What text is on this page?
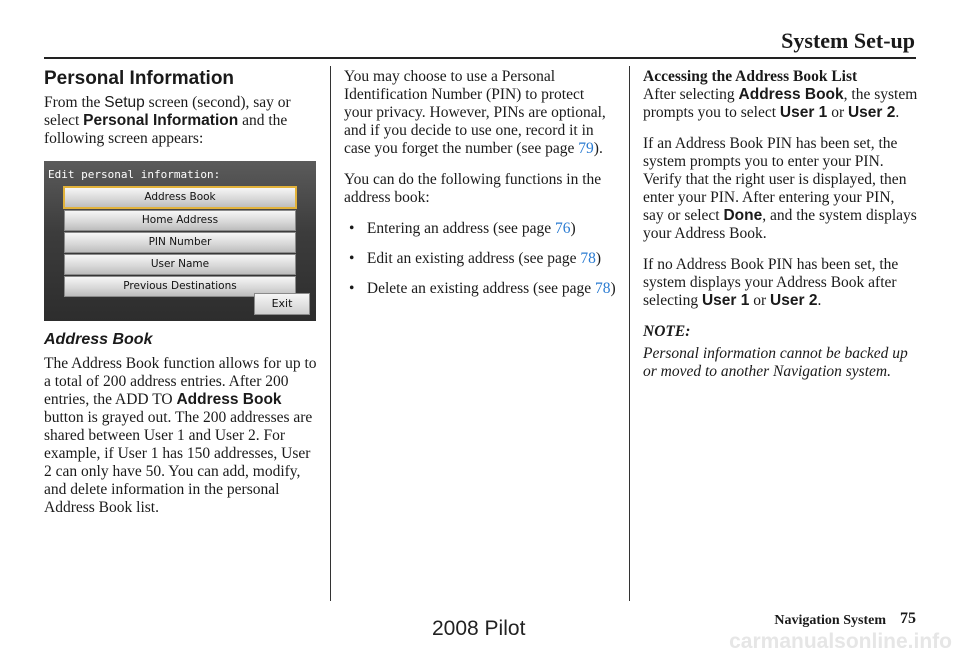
System Set-up
Personal Information

From the Setup screen (second), say or select Personal Information and the following screen appears:

Edit personal information:
Address Book
Home Address
PIN Number
User Name
Previous Destinations
Exit
Address Book

The Address Book function allows for up to a total of 200 address entries. After 200 entries, the ADD TO Address Book button is grayed out. The 200 addresses are shared between User 1 and User 2. For example, if User 1 has 150 addresses, User 2 can only have 50. You can add, modify, and delete information in the personal Address Book list.

You may choose to use a Personal Identification Number (PIN) to protect your privacy. However, PINs are optional, and if you decide to use one, record it in case you forget the number (see page 79).

You can do the following functions in the address book:

• Entering an address (see page 76)
• Edit an existing address (see page 78)
• Delete an existing address (see page 78)
Accessing the Address Book List

After selecting Address Book, the system prompts you to select User 1 or User 2.

If an Address Book PIN has been set, the system prompts you to enter your PIN. Verify that the right user is displayed, then enter your PIN. After entering your PIN, say or select Done, and the system displays your Address Book.

If no Address Book PIN has been set, the system displays your Address Book after selecting User 1 or User 2.

NOTE:
Personal information cannot be backed up or moved to another Navigation system.
Navigation System 75
2008 Pilot
carmanualsonline.info
